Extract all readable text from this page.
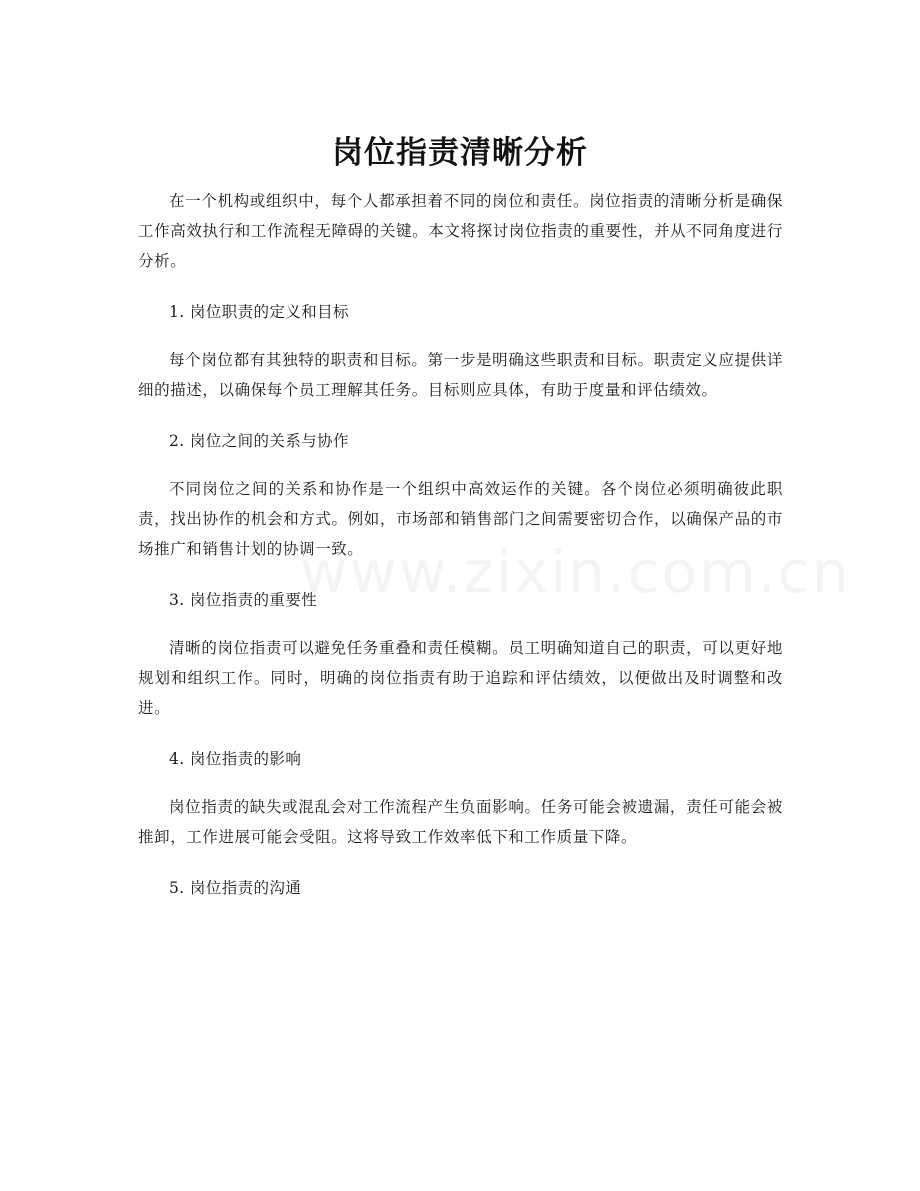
岗位指责清晰分析

在一个机构或组织中，每个人都承担着不同的岗位和责任。岗位指责的清晰分析是确保工作高效执行和工作流程无障碍的关键。本文将探讨岗位指责的重要性，并从不同角度进行分析。

1. 岗位职责的定义和目标

每个岗位都有其独特的职责和目标。第一步是明确这些职责和目标。职责定义应提供详细的描述，以确保每个员工理解其任务。目标则应具体，有助于度量和评估绩效。

2. 岗位之间的关系与协作

不同岗位之间的关系和协作是一个组织中高效运作的关键。各个岗位必须明确彼此职责，找出协作的机会和方式。例如，市场部和销售部门之间需要密切合作，以确保产品的市场推广和销售计划的协调一致。

3. 岗位指责的重要性

清晰的岗位指责可以避免任务重叠和责任模糊。员工明确知道自己的职责，可以更好地规划和组织工作。同时，明确的岗位指责有助于追踪和评估绩效，以便做出及时调整和改进。

4. 岗位指责的影响

岗位指责的缺失或混乱会对工作流程产生负面影响。任务可能会被遗漏，责任可能会被推卸，工作进展可能会受阻。这将导致工作效率低下和工作质量下降。

5. 岗位指责的沟通
